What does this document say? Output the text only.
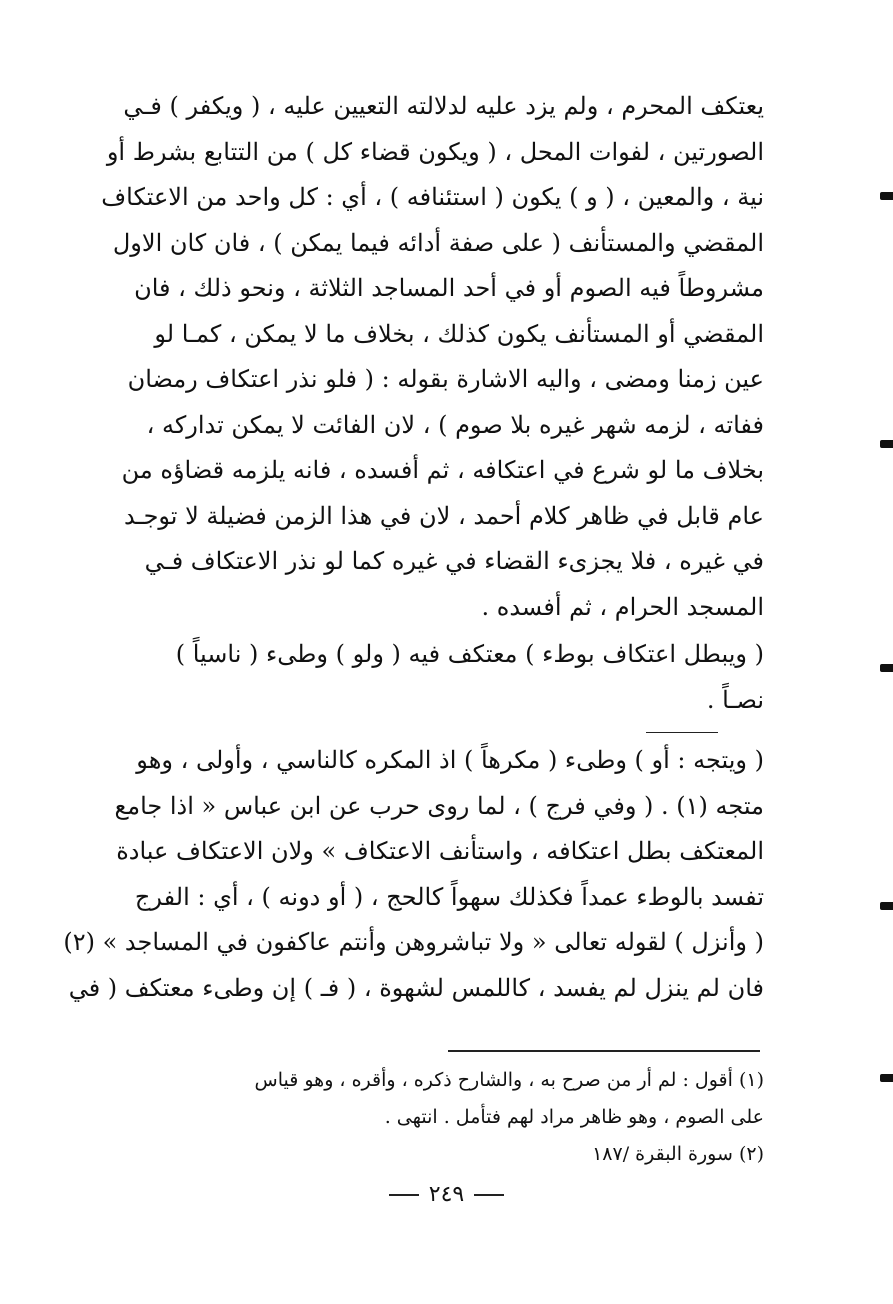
يعتكف المحرم ، ولم يزد عليه لدلالته التعيين عليه ، ( ويكفر ) فـي
الصورتين ، لفوات المحل ، ( ويكون قضاء كل ) من التتابع بشرط أو
نية ، والمعين ، ( و ) يكون ( استئنافه ) ، أي : كل واحد من الاعتكاف
المقضي والمستأنف ( على صفة أدائه فيما يمكن ) ، فان كان الاول
مشروطاً فيه الصوم أو في أحد المساجد الثلاثة ، ونحو ذلك ، فان
المقضي أو المستأنف يكون كذلك ، بخلاف ما لا يمكن ، كمـا لو
عين زمنا ومضى ، واليه الاشارة بقوله : ( فلو نذر اعتكاف رمضان
ففاته ، لزمه شهر غيره بلا صوم ) ، لان الفائت لا يمكن تداركه ،
بخلاف ما لو شرع في اعتكافه ، ثم أفسده ، فانه يلزمه قضاؤه من
عام قابل في ظاهر كلام أحمد ، لان في هذا الزمن فضيلة لا توجـد
في غيره ، فلا يجزىء القضاء في غيره كما لو نذر الاعتكاف فـي
المسجد الحرام ، ثم أفسده .
( ويبطل اعتكاف بوطء ) معتكف فيه ( ولو ) وطىء ( ناسياً )
نصـاً .
( ويتجه : أو ) وطىء ( مكرهاً ) اذ المكره كالناسي ، وأولى ، وهو
متجه (١) . ( وفي فرج ) ، لما روى حرب عن ابن عباس « اذا جامع
المعتكف بطل اعتكافه ، واستأنف الاعتكاف » ولان الاعتكاف عبادة
تفسد بالوطء عمداً فكذلك سهواً كالحج ، ( أو دونه ) ، أي : الفرج
( وأنزل ) لقوله تعالى « ولا تباشروهن وأنتم عاكفون في المساجد » (٢)
فان لم ينزل لم يفسد ، كاللمس لشهوة ، ( فـ ) إن وطىء معتكف ( في
(١) أقول : لم أر من صرح به ، والشارح ذكره ، وأقره ، وهو قياس
على الصوم ، وهو ظاهر مراد لهم فتأمل . انتهى .
(٢) سورة البقرة /١٨٧
٢٤٩
